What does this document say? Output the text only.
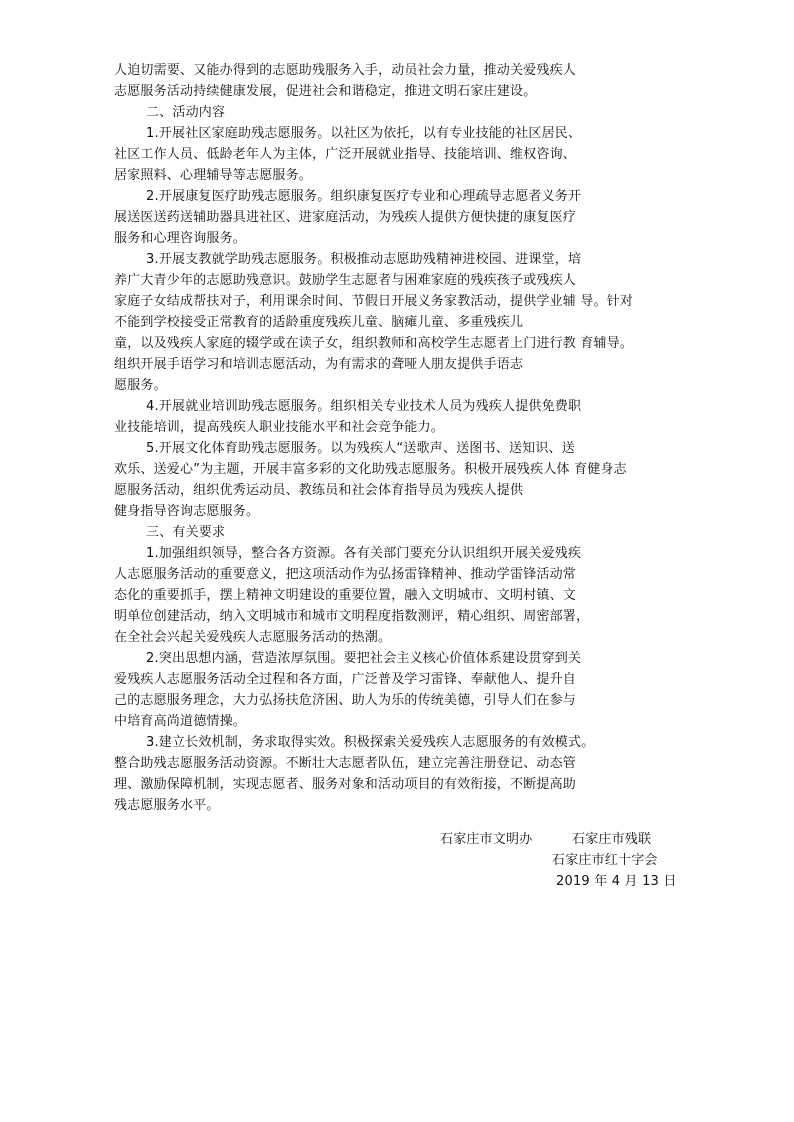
人迫切需要、又能办得到的志愿助残服务入手，动员社会力量，推动关爱残疾人
志愿服务活动持续健康发展，促进社会和谐稳定，推进文明石家庄建设。
二、活动内容
1.开展社区家庭助残志愿服务。以社区为依托，以有专业技能的社区居民、
社区工作人员、低龄老年人为主体，广泛开展就业指导、技能培训、维权咨询、
居家照料、心理辅导等志愿服务。
2.开展康复医疗助残志愿服务。组织康复医疗专业和心理疏导志愿者义务开
展送医送药送辅助器具进社区、进家庭活动，为残疾人提供方便快捷的康复医疗
服务和心理咨询服务。
3.开展支教就学助残志愿服务。积极推动志愿助残精神进校园、进课堂，培
养广大青少年的志愿助残意识。鼓励学生志愿者与困难家庭的残疾孩子或残疾人
家庭子女结成帮扶对子，利用课余时间、节假日开展义务家教活动，提供学业辅 导。针对
不能到学校接受正常教育的适龄重度残疾儿童、脑瘫儿童、多重残疾儿
童，以及残疾人家庭的辍学或在读子女，组织教师和高校学生志愿者上门进行教 育辅导。
组织开展手语学习和培训志愿活动，为有需求的聋哑人朋友提供手语志
愿服务。
4.开展就业培训助残志愿服务。组织相关专业技术人员为残疾人提供免费职
业技能培训，提高残疾人职业技能水平和社会竞争能力。
5.开展文化体育助残志愿服务。以为残疾人“送歌声、送图书、送知识、送
欢乐、送爱心”为主题，开展丰富多彩的文化助残志愿服务。积极开展残疾人体 育健身志
愿服务活动，组织优秀运动员、教练员和社会体育指导员为残疾人提供
健身指导咨询志愿服务。
三、有关要求
1.加强组织领导，整合各方资源。各有关部门要充分认识组织开展关爱残疾
人志愿服务活动的重要意义，把这项活动作为弘扬雷锋精神、推动学雷锋活动常
态化的重要抓手，摆上精神文明建设的重要位置，融入文明城市、文明村镇、文
明单位创建活动，纳入文明城市和城市文明程度指数测评，精心组织、周密部署，
在全社会兴起关爱残疾人志愿服务活动的热潮。
2.突出思想内涵，营造浓厚氛围。要把社会主义核心价值体系建设贯穿到关
爱残疾人志愿服务活动全过程和各方面，广泛普及学习雷锋、奉献他人、提升自
己的志愿服务理念，大力弘扬扶危济困、助人为乐的传统美德，引导人们在参与
中培育高尚道德情操。
3.建立长效机制，务求取得实效。积极探索关爱残疾人志愿服务的有效模式。
整合助残志愿服务活动资源。不断壮大志愿者队伍，建立完善注册登记、动态管
理、激励保障机制，实现志愿者、服务对象和活动项目的有效衔接，不断提高助
残志愿服务水平。
石家庄市文明办	石家庄市残联
石家庄市红十字会
2019 年 4 月 13 日
